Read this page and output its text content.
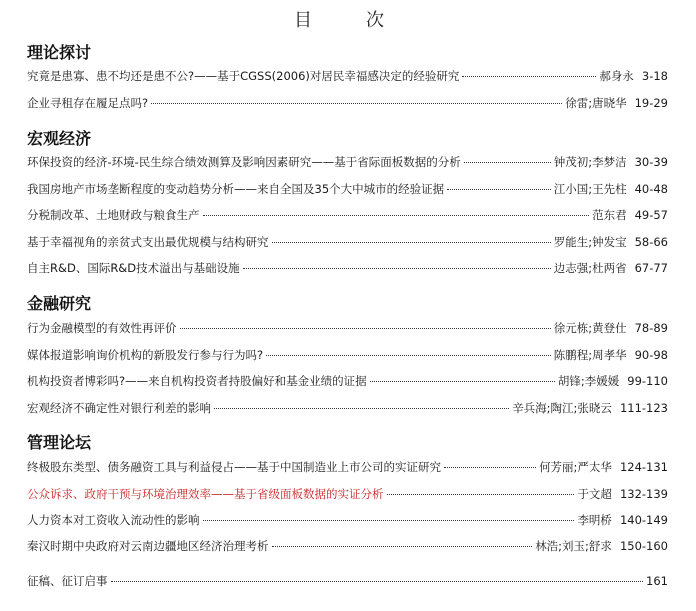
目　次
理论探讨
究竟是患寡、患不均还是患不公?——基于CGSS(2006)对居民幸福感决定的经验研究	郝身永 3-18
企业寻租存在履足点吗?	徐雷;唐晓华 19-29
宏观经济
环保投资的经济-环境-民生综合绩效测算及影响因素研究——基于省际面板数据的分析	钟茂初;李梦洁 30-39
我国房地产市场垄断程度的变动趋势分析——来自全国及35个大中城市的经验证据	江小国;王先柱 40-48
分税制改革、土地财政与粮食生产	范东君 49-57
基于幸福视角的亲贫式支出最优规模与结构研究	罗能生;钟发宝 58-66
自主R&D、国际R&D技术溢出与基础设施	边志强;杜两省 67-77
金融研究
行为金融模型的有效性再评价	徐元栋;黄登仕 78-89
媒体报道影响询价机构的新股发行参与行为吗?	陈鹏程;周孝华 90-98
机构投资者博彩吗?——来自机构投资者持股偏好和基金业绩的证据	胡锋;李媛媛 99-110
宏观经济不确定性对银行利差的影响	辛兵海;陶江;张晓云 111-123
管理论坛
终极股东类型、债务融资工具与利益侵占——基于中国制造业上市公司的实证研究	何芳丽;严太华 124-131
公众诉求、政府干预与环境治理效率——基于省级面板数据的实证分析	于文超 132-139
人力资本对工资收入流动性的影响	李明桥 140-149
秦汉时期中央政府对云南边疆地区经济治理考析	林浩;刘玉;舒求 150-160
征稿、征订启事	161
